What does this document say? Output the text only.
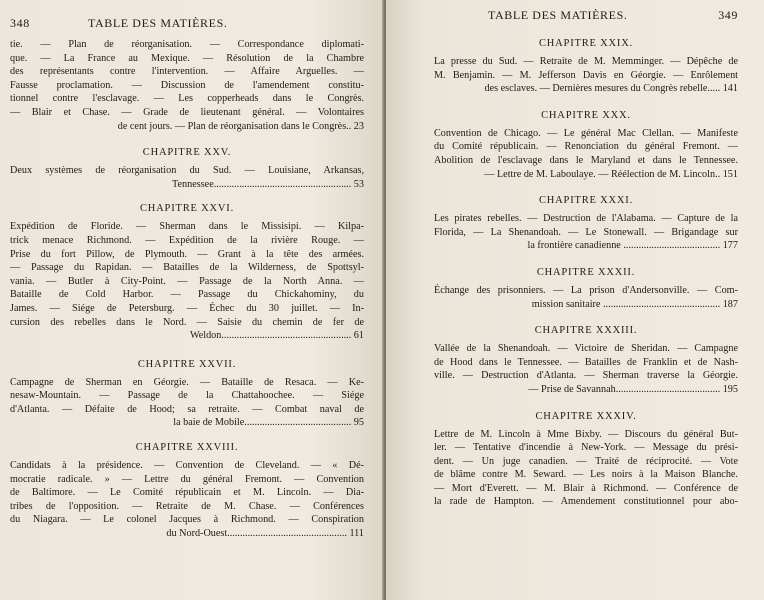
348	TABLE DES MATIÈRES.
tie. — Plan de réorganisation. — Correspondance diplomati-
que. — La France au Mexique. — Résolution de la Chambre
des représentants contre l'intervention. — Affaire Arguelles. —
Fausse proclamation. — Discussion de l'amendement constitu-
tionnel contre l'esclavage. — Les copperheads dans le Congrès.
— Blair et Chase. — Grade de lieutenant général. — Volontaires
de cent jours. — Plan de réorganisation dans le Congrès.. 23
CHAPITRE XXV.
Deux systèmes de réorganisation du Sud. — Louisiane, Arkansas,
Tennessee...................................................... 53
CHAPITRE XXVI.
Expédition de Floride. — Sherman dans le Missisipi. — Kilpa-
trick menace Richmond. — Expédition de la rivière Rouge. —
Prise du fort Pillow, de Plymouth. — Grant à la tête des armées.
— Passage du Rapidan. — Batailles de la Wilderness, de Spottsyl-
vania. — Butler à City-Point. — Passage de la North Anna. —
Bataille de Cold Harbor. — Passage du Chickahominy, du
James. — Siége de Petersburg. — Échec du 30 juillet. — In-
cursion des rebelles dans le Nord. — Saisie du chemin de fer de
Weldon................................................... 61
CHAPITRE XXVII.
Campagne de Sherman en Géorgie. — Bataille de Resaca. — Ke-
nesaw-Mountain. — Passage de la Chattahoochee. — Siége
d'Atlanta. — Défaite de Hood; sa retraite. — Combat naval de
la baie de Mobile.......................................... 95
CHAPITRE XXVIII.
Candidats à la présidence. — Convention de Cleveland. — « Dé-
mocratie radicale. » — Lettre du général Fremont. — Convention
de Baltimore. — Le Comité républicain et M. Lincoln. — Dia-
tribes de l'opposition. — Retraite de M. Chase. — Conférences
du Niagara. — Le colonel Jacques à Richmond. — Conspiration
du Nord-Ouest............................................... 111
TABLE DES MATIÈRES.	349
CHAPITRE XXIX.
La presse du Sud. — Retraite de M. Memminger. — Dépêche de
M. Benjamin. — M. Jefferson Davis en Géorgie. — Enrôlement
des esclaves. — Dernières mesures du Congrès rebelle..... 141
CHAPITRE XXX.
Convention de Chicago. — Le général Mac Clellan. — Manifeste
du Comité républicain. — Renonciation du général Fremont. —
Abolition de l'esclavage dans le Maryland et dans le Tennessee.
— Lettre de M. Laboulaye. — Réélection de M. Lincoln.. 151
CHAPITRE XXXI.
Les pirates rebelles. — Destruction de l'Alabama. — Capture de la
Florida, — La Shenandoah. — Le Stonewall. — Brigandage sur
la frontière canadienne ...................................... 177
CHAPITRE XXXII.
Échange des prisonniers. — La prison d'Andersonville. — Com-
mission sanitaire .............................................. 187
CHAPITRE XXXIII.
Vallée de la Shenandoah. — Victoire de Sheridan. — Campagne
de Hood dans le Tennessee. — Batailles de Franklin et de Nash-
ville. — Destruction d'Atlanta. — Sherman traverse la Géorgie.
— Prise de Savannah......................................... 195
CHAPITRE XXXIV.
Lettre de M. Lincoln à Mme Bixby. — Discours du général But-
ler. — Tentative d'incendie à New-York. — Message du prési-
dent. — Un juge canadien. — Traité de réciprocité. — Vote
de blâme contre M. Seward. — Les noirs à la Maison Blanche.
— Mort d'Everett. — M. Blair à Richmond. — Conférence de
la rade de Hampton. — Amendement constitutionnel pour abo-
